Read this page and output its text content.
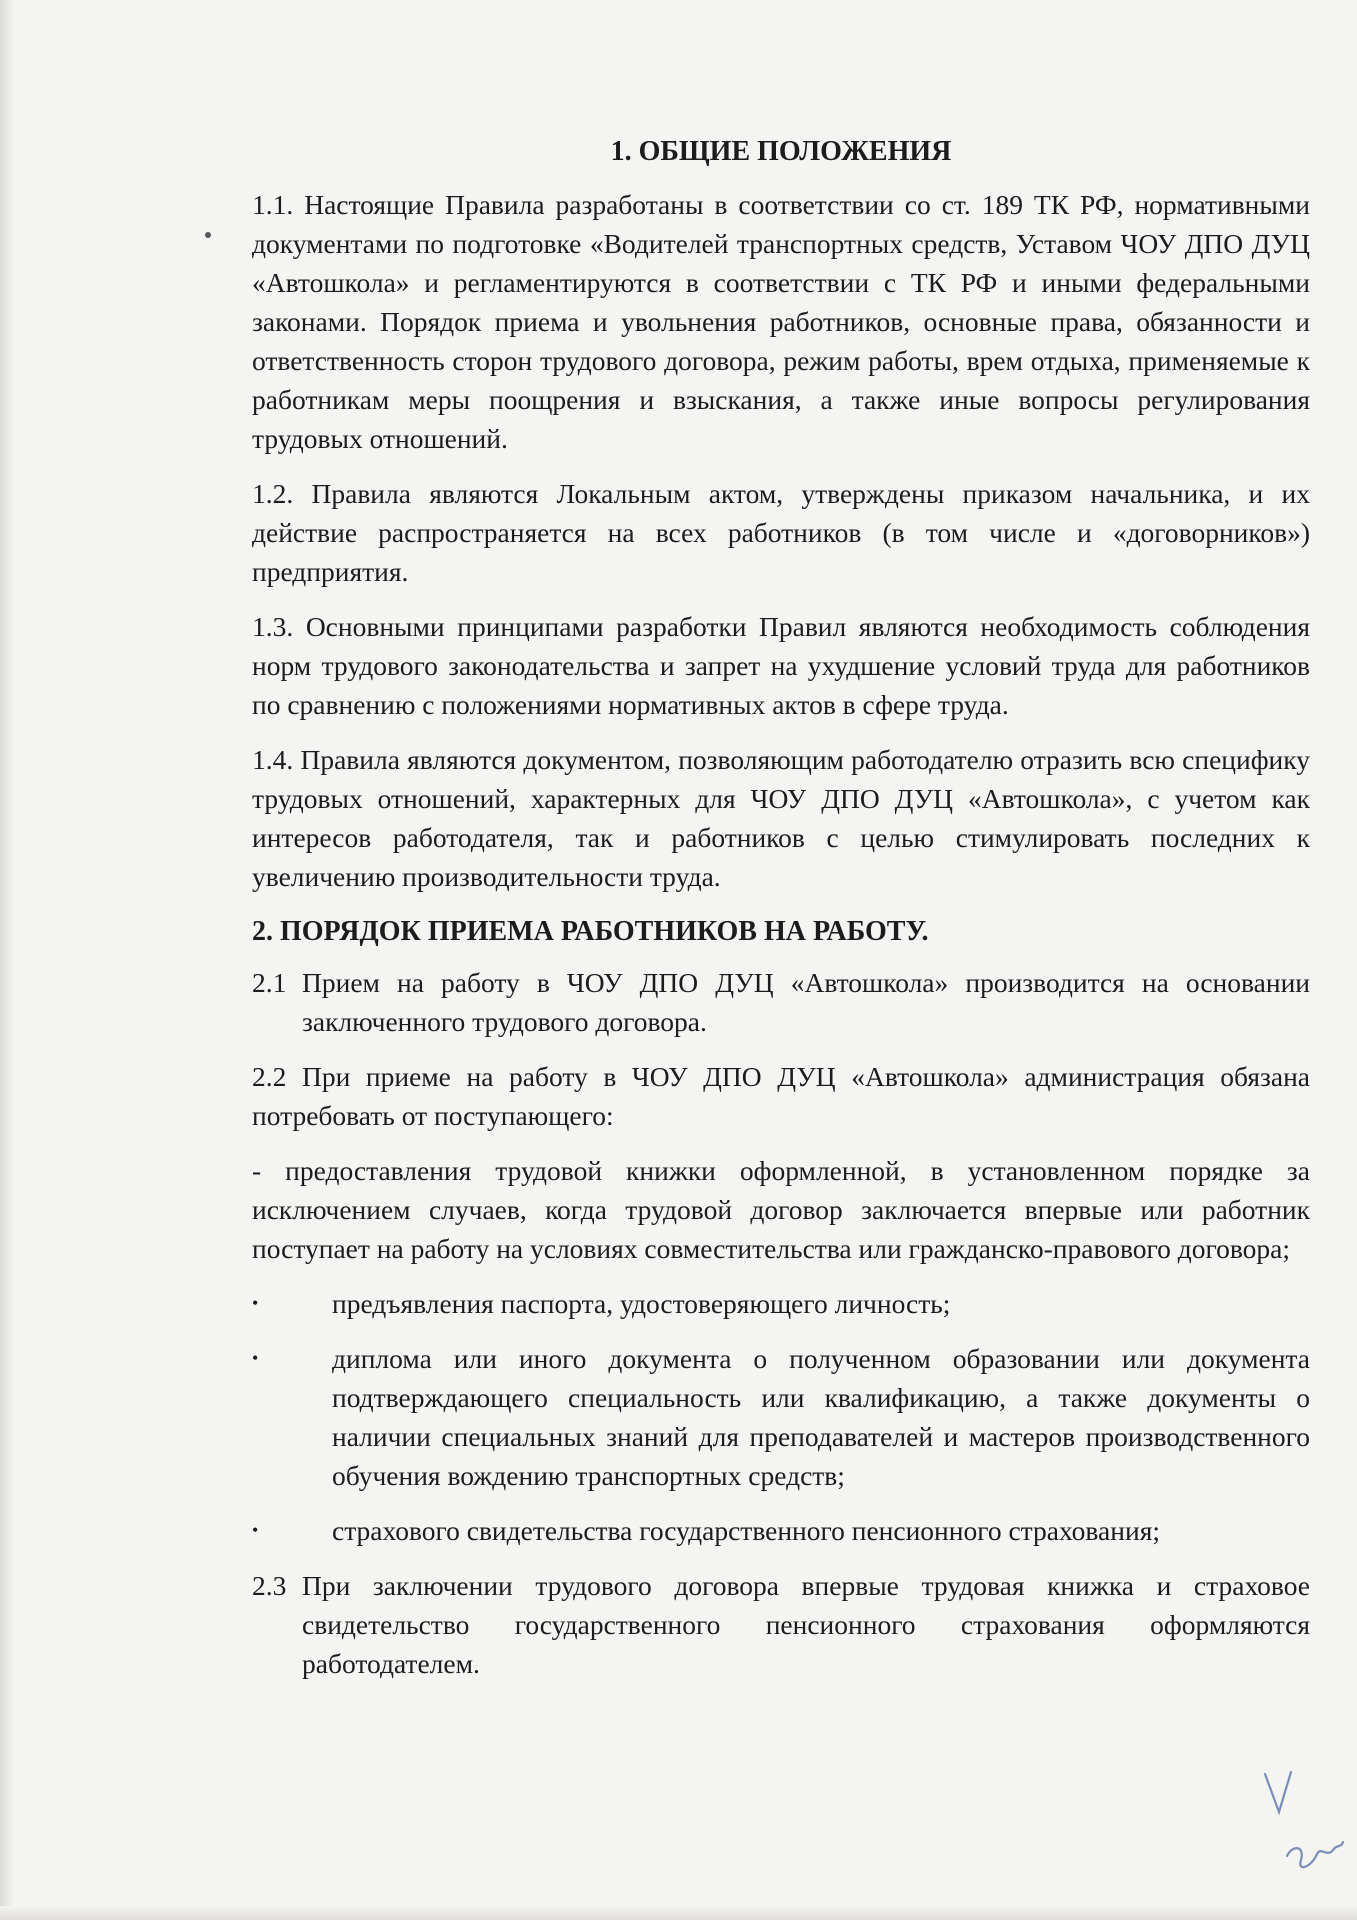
1. ОБЩИЕ ПОЛОЖЕНИЯ

1.1. Настоящие Правила разработаны в соответствии со ст. 189 ТК РФ, нормативными документами по подготовке «Водителей транспортных средств, Уставом ЧОУ ДПО ДУЦ «Автошкола» и регламентируются в соответствии с ТК РФ и иными федеральными законами. Порядок приема и увольнения работников, основные права, обязанности и ответственность сторон трудового договора, режим работы, врем отдыха, применяемые к работникам меры поощрения и взыскания, а также иные вопросы регулирования трудовых отношений.

1.2. Правила являются Локальным актом, утверждены приказом начальника, и их действие распространяется на всех работников (в том числе и «договорников») предприятия.

1.3. Основными принципами разработки Правил являются необходимость соблюдения норм трудового законодательства и запрет на ухудшение условий труда для работников по сравнению с положениями нормативных актов в сфере труда.

1.4. Правила являются документом, позволяющим работодателю отразить всю специфику трудовых отношений, характерных для ЧОУ ДПО ДУЦ «Автошкола», с учетом как интересов работодателя, так и работников с целью стимулировать последних к увеличению производительности труда.

2. ПОРЯДОК ПРИЕМА РАБОТНИКОВ НА РАБОТУ.
2.1 Прием на работу в ЧОУ ДПО ДУЦ «Автошкола» производится на основании заключенного трудового договора.

2.2 При приеме на работу в ЧОУ ДПО ДУЦ «Автошкола» администрация обязана потребовать от поступающего:

- предоставления трудовой книжки оформленной, в установленном порядке за исключением случаев, когда трудовой договор заключается впервые или работник поступает на работу на условиях совместительства или гражданско-правового договора;

•	предъявления паспорта, удостоверяющего личность;
•	диплома или иного документа о полученном образовании или документа подтверждающего специальность или квалификацию, а также документы о наличии специальных знаний для преподавателей и мастеров производственного обучения вождению транспортных средств;
•	страхового свидетельства государственного пенсионного страхования;
2.3 При заключении трудового договора впервые трудовая книжка и страховое свидетельство государственного пенсионного страхования оформляются работодателем.
